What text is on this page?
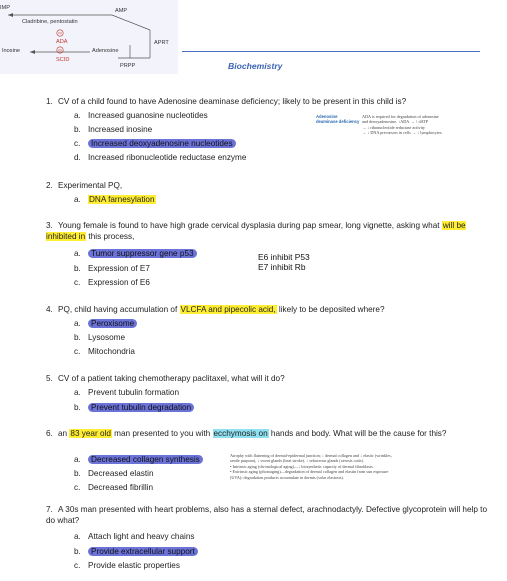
IMP	AMP
Cladribine, pentostatin
ADA
SCID
Inosine	Adenosine
APRT
PRPP	Biochemistry
1. CV of a child found to have Adenosine deaminase deficiency; likely to be present in this child is?
a. Increased guanosine nucleotides
b. Increased inosine
c. Increased deoxyadenosine nucleotides
d. Increased ribonucleotide reductase enzyme
Adenosine deaminase deficiency
ADA is required for degradation of adenosine
and deoxyadenosine. ↓ADA → ↑ dATP
→ ↓ ribonucleotide reductase activity
→ ↓ DNA precursors in cells → ↓ lymphocytes.
2. Experimental PQ,
a. DNA farnesylation
3. Young female is found to have high grade cervical dysplasia during pap smear, long vignette, asking what will be inhibited in this process,
a. Tumor suppressor gene p53
b. Expression of E7
c. Expression of E6
E6 inhibit P53
E7 inhibit Rb
4. PQ, child having accumulation of VLCFA and pipecolic acid, likely to be deposited where?
a. Peroxisome
b. Lysosome
c. Mitochondria
5. CV of a patient taking chemotherapy paclitaxel, what will it do?
a. Prevent tubulin formation
b. Prevent tubulin degradation
6. an 83 year old man presented to you with ecchymosis on hands and body. What will be the cause for this?
a. Decreased collagen synthesis
b. Decreased elastin
c. Decreased fibrillin
Atrophy with flattening of dermal-epidermal junction; ↓ dermal collagen and ↓ elastic (wrinkles,
senile purpura), ↓ sweat glands (heat stroke), ↓ sebaceous glands (xerosis cutis).
• Intrinsic aging (chronological aging)—↓ biosynthetic capacity of dermal fibroblasts.
• Extrinsic aging (photoaging)—degradation of dermal collagen and elastin from sun exposure
(UVA); degradation products accumulate in dermis (solar elastosis).
7. A 30s man presented with heart problems, also has a sternal defect, arachnodactyly. Defective glycoprotein will help to do what?
a. Attach light and heavy chains
b. Provide extracellular support
c. Provide elastic properties
